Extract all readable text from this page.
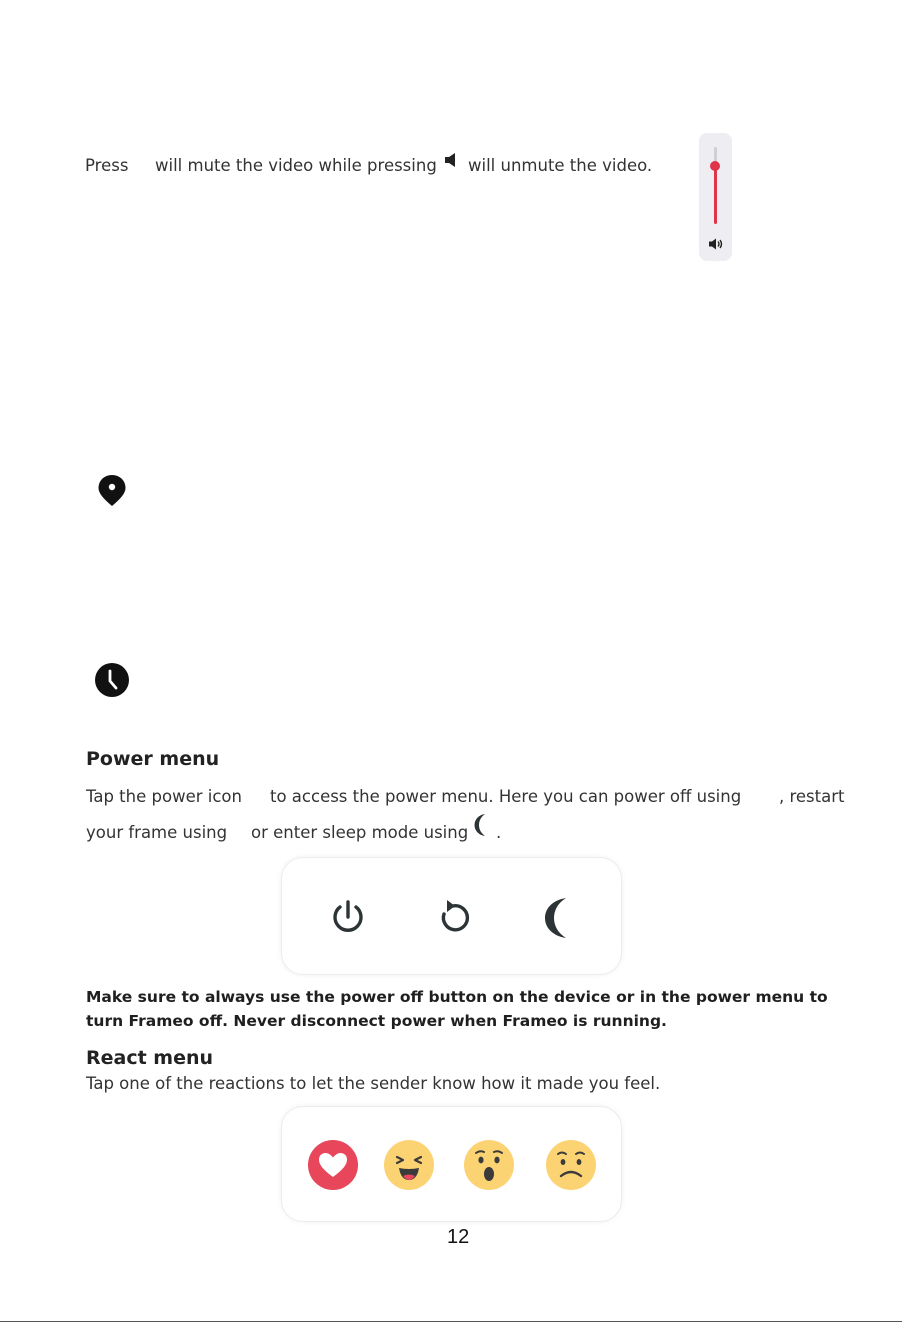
Press will mute the video while pressing will unmute the video.
Power menu
Tap the power icon to access the power menu. Here you can power off using , restart
your frame using or enter sleep mode using .
Make sure to always use the power off button on the device or in the power menu to
turn Frameo off. Never disconnect power when Frameo is running.
React menu
Tap one of the reactions to let the sender know how it made you feel.
12
